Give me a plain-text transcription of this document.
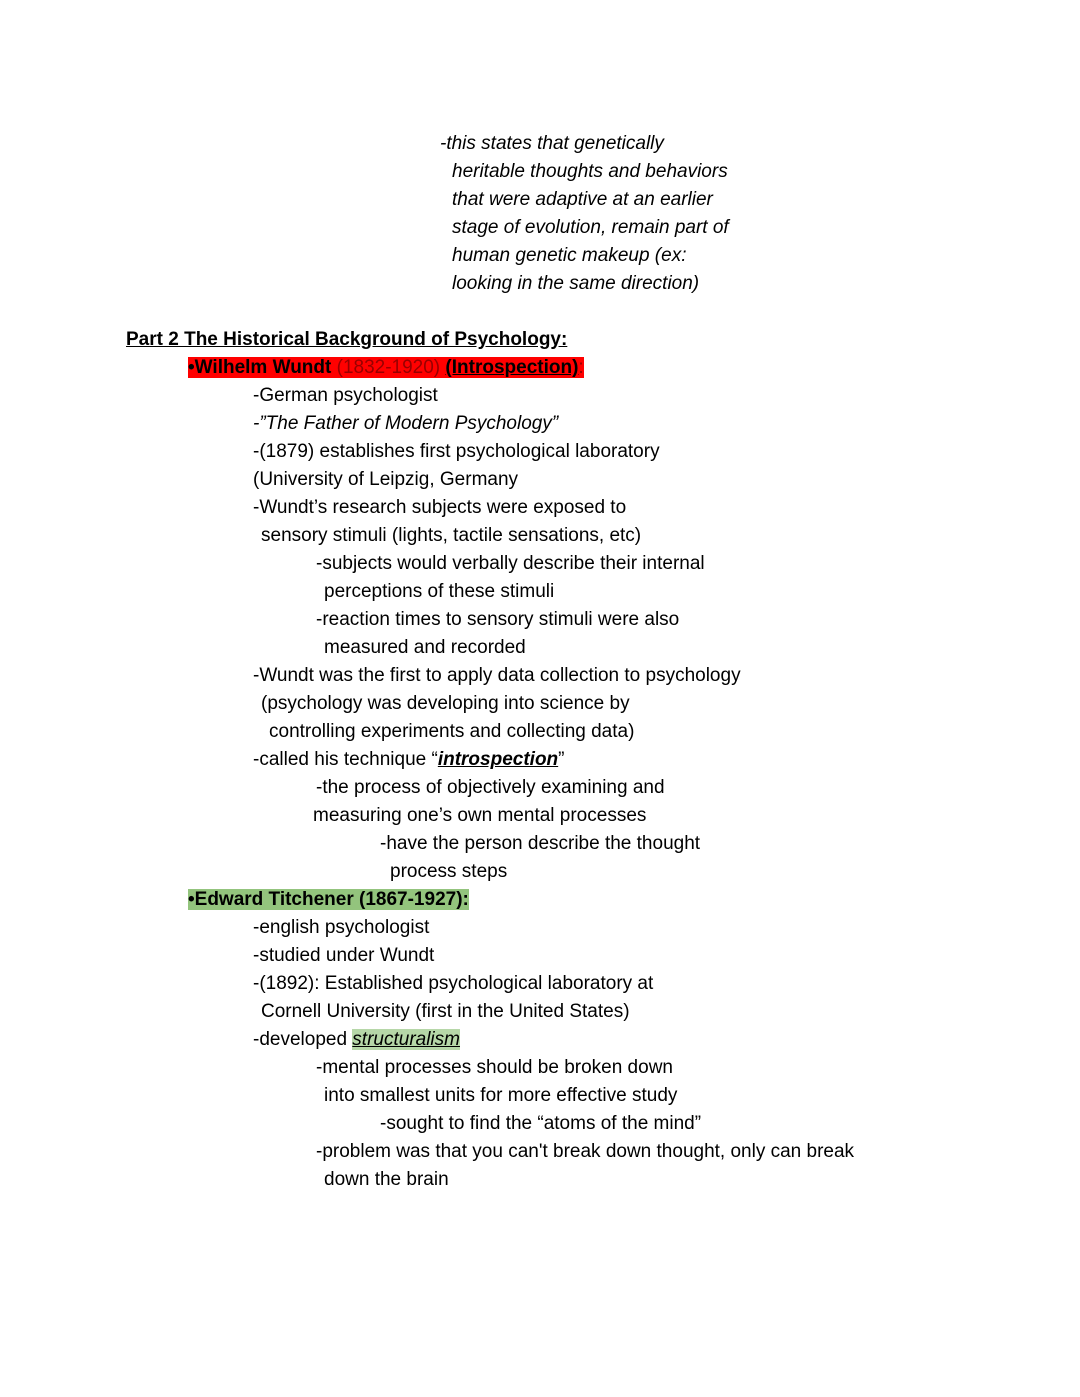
-this states that genetically
heritable thoughts and behaviors
that were adaptive at an earlier
stage of evolution, remain part of
human genetic makeup (ex:
looking in the same direction)
Part 2 The Historical Background of Psychology:
•Wilhelm Wundt (1832-1920) (Introspection):
-German psychologist
-”The Father of Modern Psychology”
-(1879) establishes first psychological laboratory
(University of Leipzig, Germany
-Wundt’s research subjects were exposed to
sensory stimuli (lights, tactile sensations, etc)
-subjects would verbally describe their internal
perceptions of these stimuli
-reaction times to sensory stimuli were also
measured and recorded
-Wundt was the first to apply data collection to psychology
(psychology was developing into science by
controlling experiments and collecting data)
-called his technique “introspection”
-the process of objectively examining and
measuring one’s own mental processes
-have the person describe the thought
process steps
•Edward Titchener (1867-1927):
-english psychologist
-studied under Wundt
-(1892): Established psychological laboratory at
Cornell University (first in the United States)
-developed structuralism
-mental processes should be broken down
into smallest units for more effective study
-sought to find the “atoms of the mind”
-problem was that you can't break down thought, only can break
down the brain
